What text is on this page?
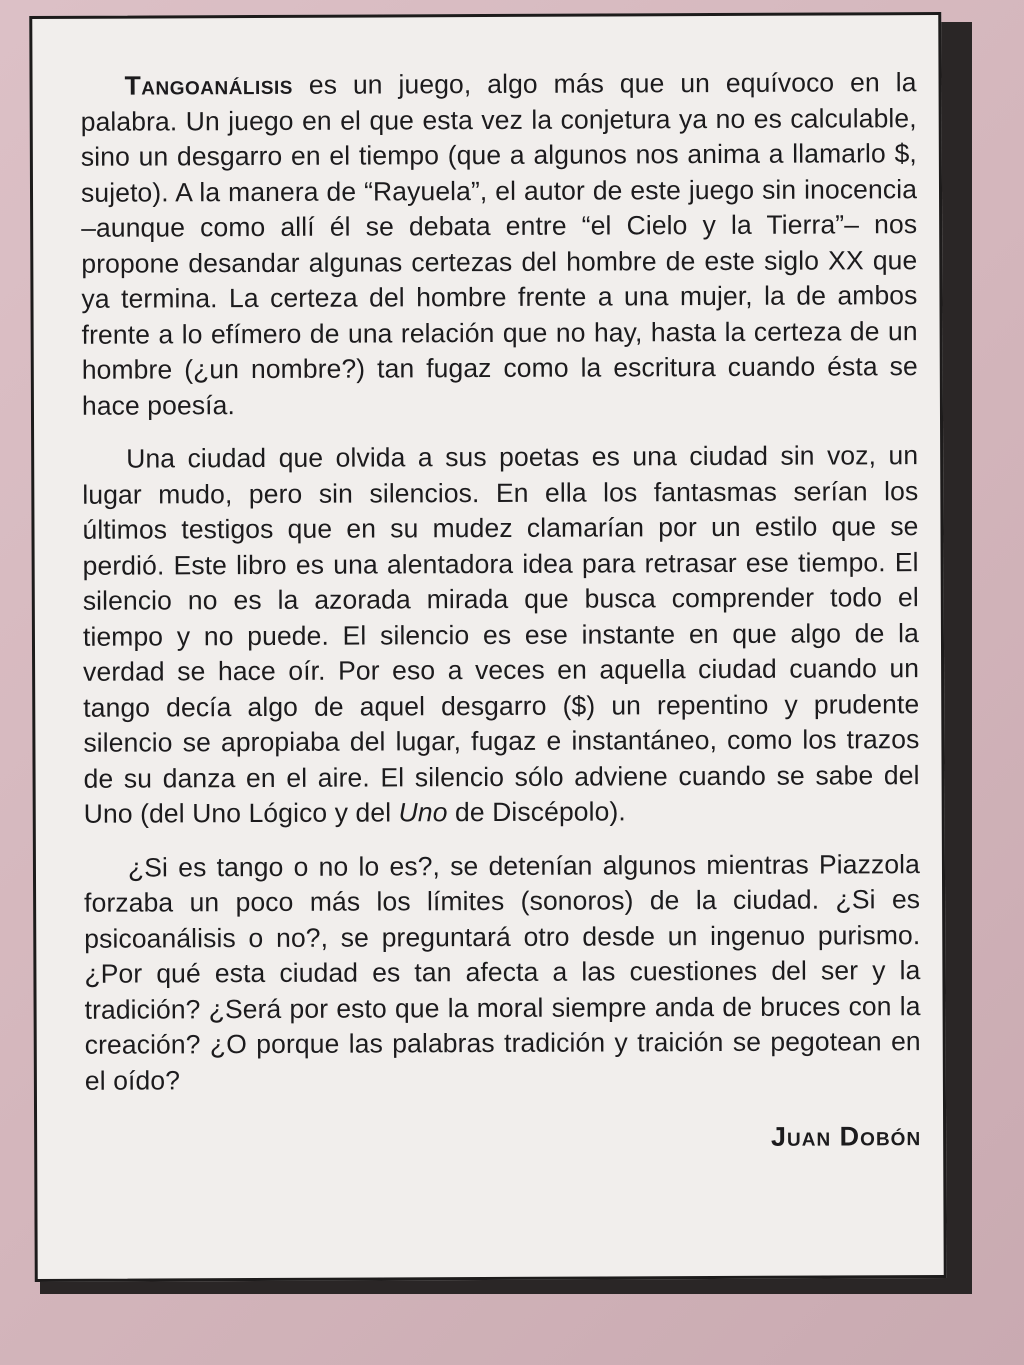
Tangoanálisis es un juego, algo más que un equívoco en la palabra. Un juego en el que esta vez la conjetura ya no es calculable, sino un desgarro en el tiempo (que a algunos nos anima a llamarlo $, sujeto). A la manera de “Rayuela”, el autor de este juego sin inocencia –aunque como allí él se debata entre “el Cielo y la Tierra”– nos propone desandar algunas certezas del hombre de este siglo XX que ya termina. La certeza del hombre frente a una mujer, la de ambos frente a lo efímero de una relación que no hay, hasta la certeza de un hombre (¿un nombre?) tan fugaz como la escritura cuando ésta se hace poesía.

Una ciudad que olvida a sus poetas es una ciudad sin voz, un lugar mudo, pero sin silencios. En ella los fantasmas serían los últimos testigos que en su mudez clamarían por un estilo que se perdió. Este libro es una alentadora idea para retrasar ese tiempo. El silencio no es la azorada mirada que busca comprender todo el tiempo y no puede. El silencio es ese instante en que algo de la verdad se hace oír. Por eso a veces en aquella ciudad cuando un tango decía algo de aquel desgarro ($) un repentino y prudente silencio se apropiaba del lugar, fugaz e instantáneo, como los trazos de su danza en el aire. El silencio sólo adviene cuando se sabe del Uno (del Uno Lógico y del Uno de Discépolo).

¿Si es tango o no lo es?, se detenían algunos mientras Piazzola forzaba un poco más los límites (sonoros) de la ciudad. ¿Si es psicoanálisis o no?, se preguntará otro desde un ingenuo purismo. ¿Por qué esta ciudad es tan afecta a las cuestiones del ser y la tradición? ¿Será por esto que la moral siempre anda de bruces con la creación? ¿O porque las palabras tradición y traición se pegotean en el oído?

Juan Dobón
